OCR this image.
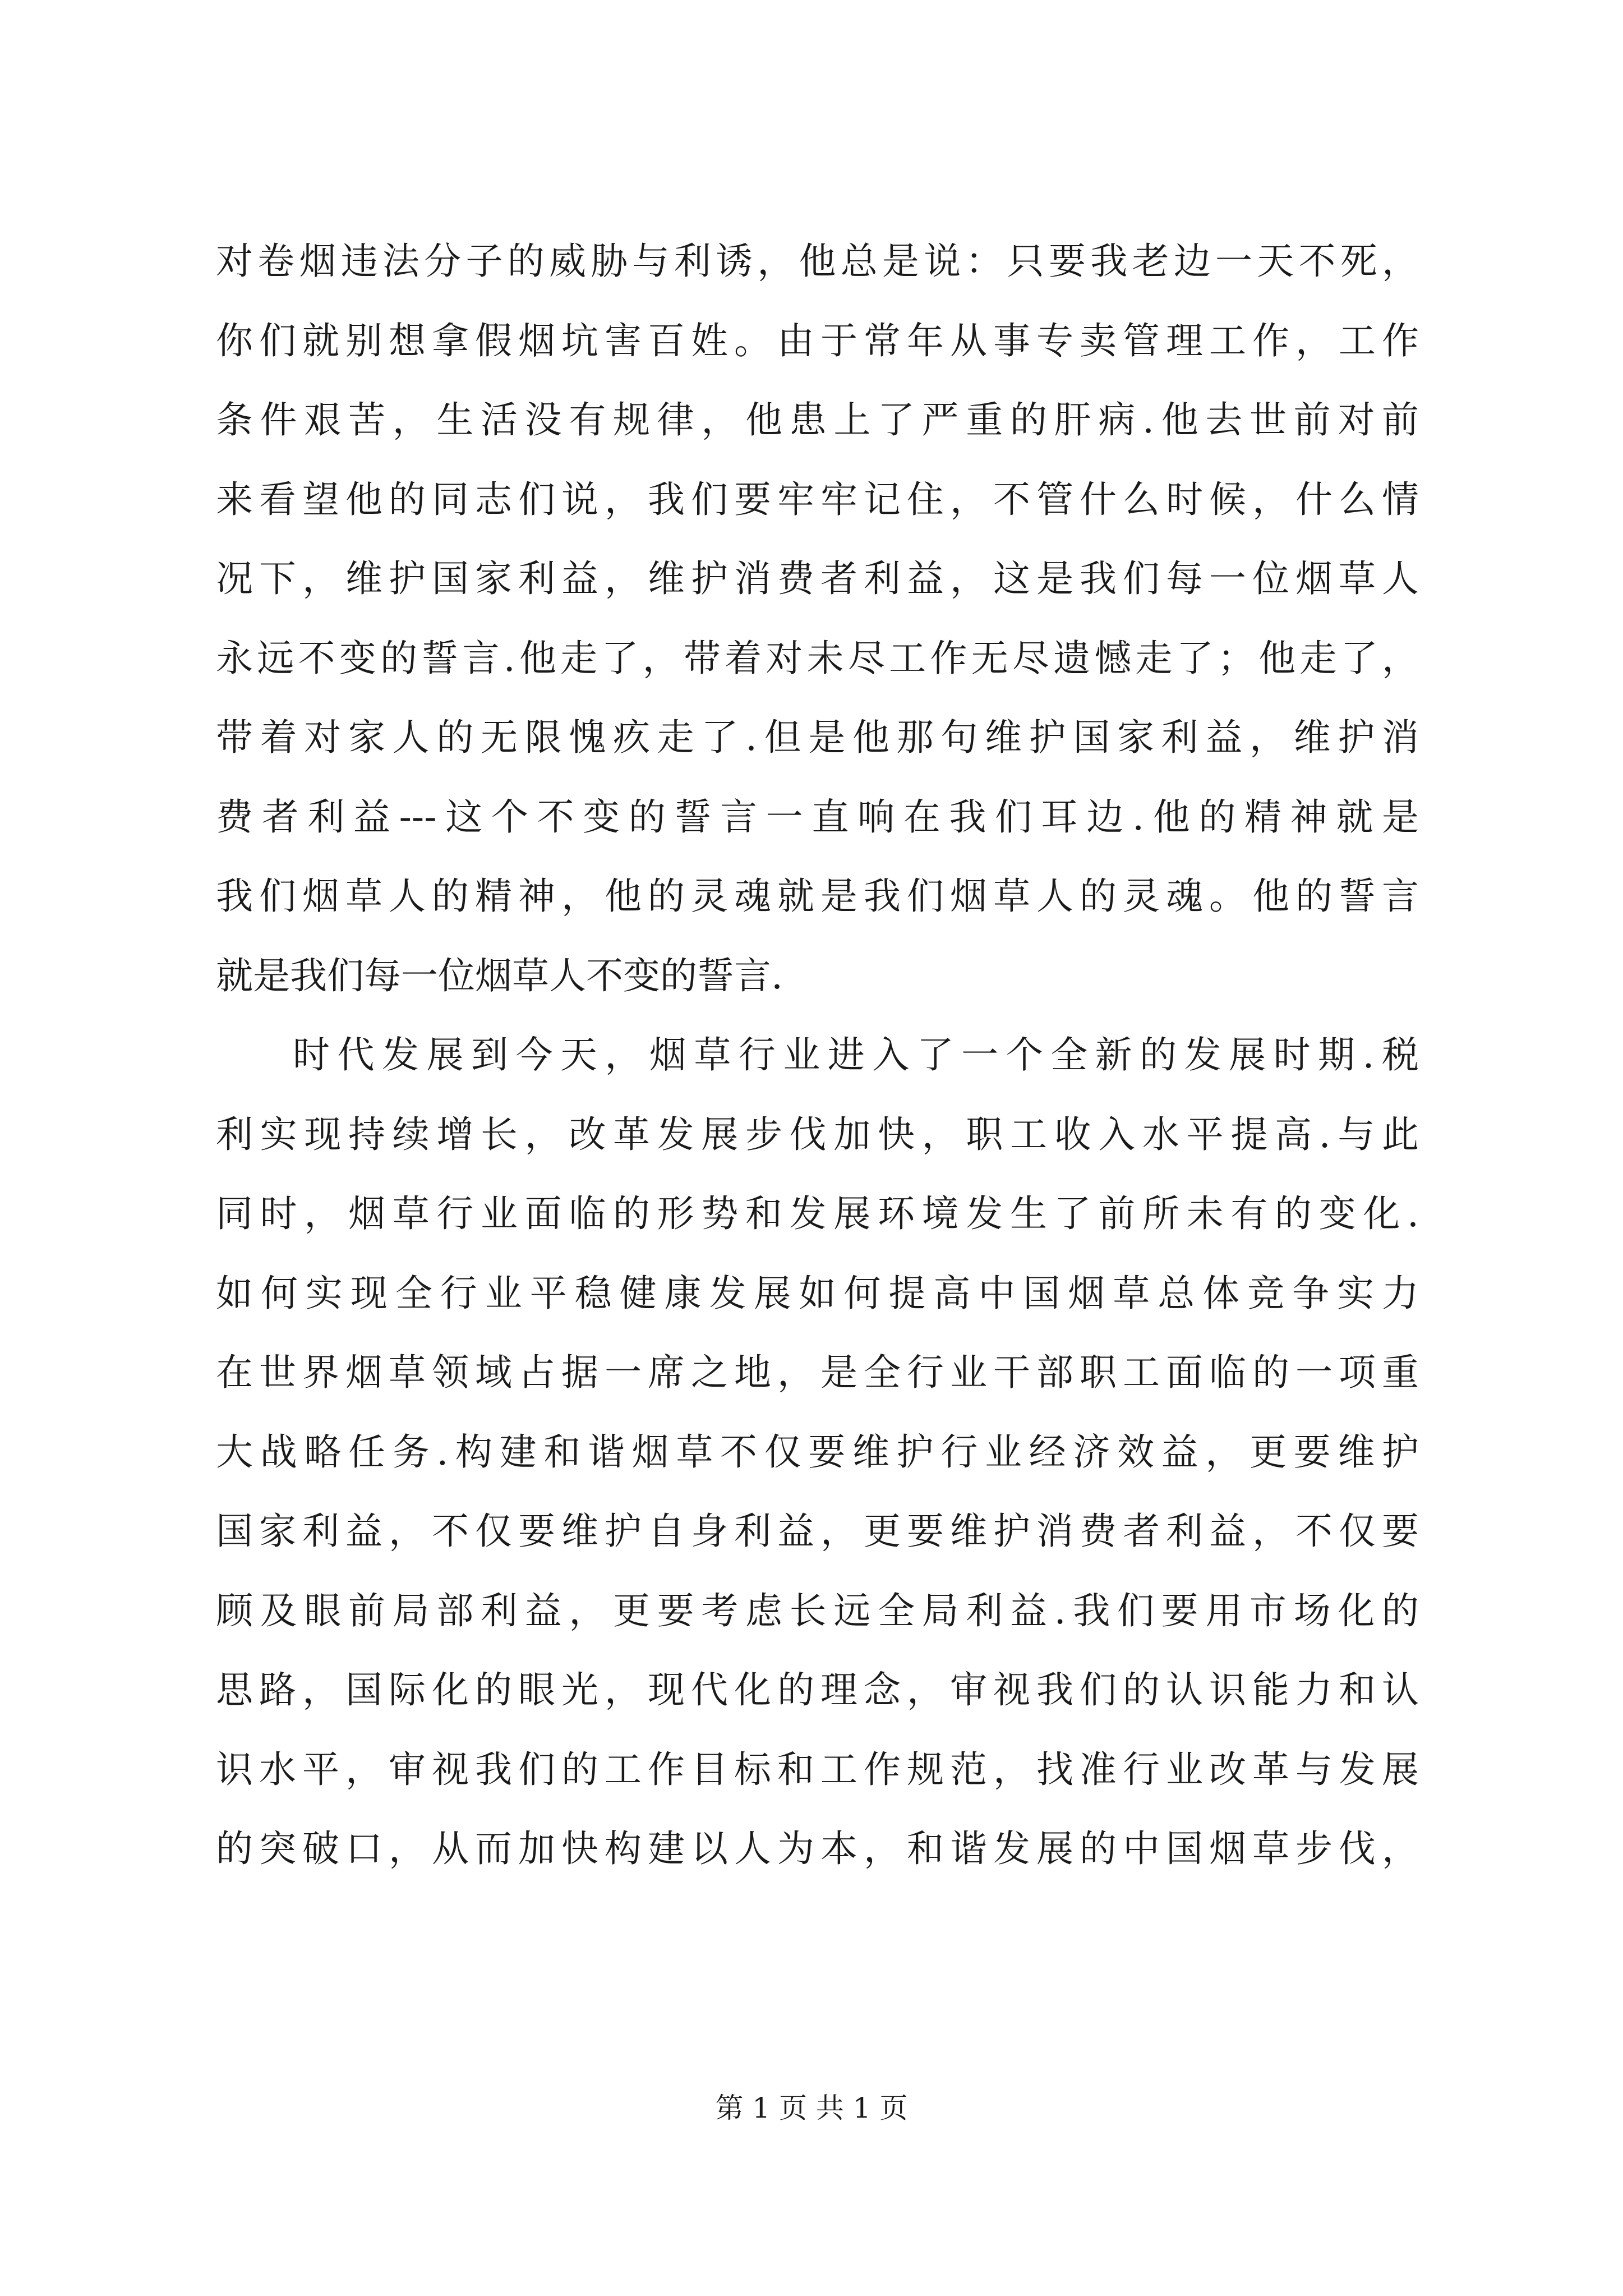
对卷烟违法分子的威胁与利诱，他总是说：只要我老边一天不死，
你们就别想拿假烟坑害百姓。由于常年从事专卖管理工作，工作
条件艰苦，生活没有规律，他患上了严重的肝病.他去世前对前
来看望他的同志们说，我们要牢牢记住，不管什么时候，什么情
况下，维护国家利益，维护消费者利益，这是我们每一位烟草人
永远不变的誓言.他走了，带着对未尽工作无尽遗憾走了；他走了，
带着对家人的无限愧疚走了.但是他那句维护国家利益，维护消
费者利益---这个不变的誓言一直响在我们耳边.他的精神就是
我们烟草人的精神，他的灵魂就是我们烟草人的灵魂。他的誓言
就是我们每一位烟草人不变的誓言.
时代发展到今天，烟草行业进入了一个全新的发展时期.税
利实现持续增长，改革发展步伐加快，职工收入水平提高.与此
同时，烟草行业面临的形势和发展环境发生了前所未有的变化.
如何实现全行业平稳健康发展如何提高中国烟草总体竞争实力
在世界烟草领域占据一席之地，是全行业干部职工面临的一项重
大战略任务.构建和谐烟草不仅要维护行业经济效益，更要维护
国家利益，不仅要维护自身利益，更要维护消费者利益，不仅要
顾及眼前局部利益，更要考虑长远全局利益.我们要用市场化的
思路，国际化的眼光，现代化的理念，审视我们的认识能力和认
识水平，审视我们的工作目标和工作规范，找准行业改革与发展
的突破口，从而加快构建以人为本，和谐发展的中国烟草步伐，
第 1 页 共 1 页
